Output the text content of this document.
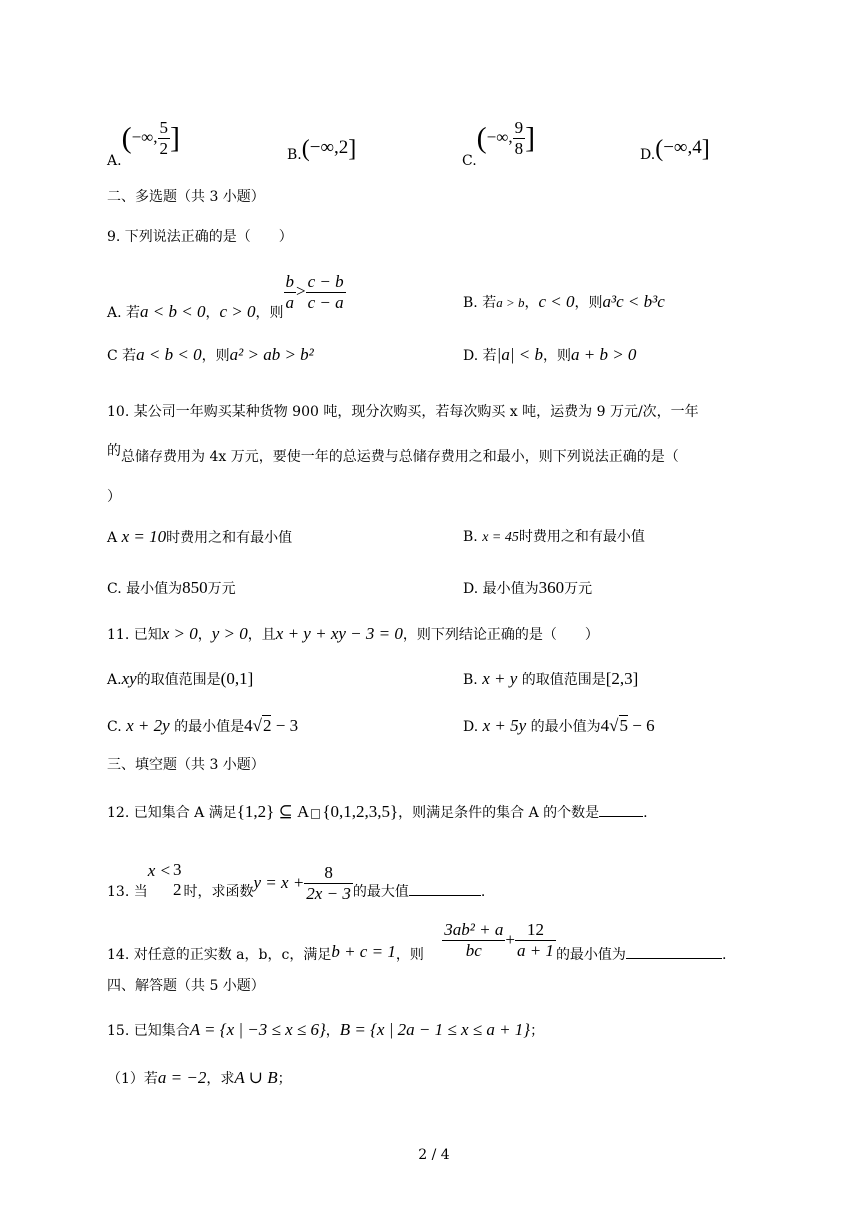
A.(−∞, $\frac{5}{2}$ ]
B.(−∞,2]	C.(−∞, $\frac{9}{8}$ ]
D.(−∞,4]
二、多选题（共 3 小题）
9. 下列说法正确的是（　　）
A. 若a < b < 0，c > 0，则 $\frac{b}{a} > \frac{c - b}{c - a}$	B. 若a > b，c < 0，则a³c < b³c
C 若a < b < 0，则a² > ab > b²	D. 若|a| < b，则a + b > 0
10. 某公司一年购买某种货物 900 吨，现分次购买，若每次购买 x 吨，运费为 9 万元/次，一年
的总储存费用为 4x 万元，要使一年的总运费与总储存费用之和最小，则下列说法正确的是（
）
A x = 10时费用之和有最小值	B. x = 45时费用之和有最小值
C. 最小值为850万元	D. 最小值为360万元
11. 已知x > 0，y > 0，且x + y + xy − 3 = 0，则下列结论正确的是（　　）
A.xy的取值范围是(0,1]	B. x + y 的取值范围是[2,3]
C. x + 2y 的最小值是4√2 − 3	D. x + 5y 的最小值为4√5 − 6
三、填空题（共 3 小题）
12. 已知集合 A 满足{1,2} ⊆ A {0,1,2,3,5}，则满足条件的集合 A 的个数是	.
13. 当x < 3
2 时，求函数$y = x + \frac{8}{2x - 3}$ 的最大值	.
14. 对任意的正实数 a，b，c，满足b + c = 1，则 $\frac{\text{3ab² + a}}{bc} + \frac{12}{a + 1}$ 的最小值为	.
四、解答题（共 5 小题）
15. 已知集合A = {x | −3 ≤ x ≤ 6}，B = {x | 2a − 1 ≤ x ≤ a + 1}；
（1）若a = −2，求A ∪ B；
2 / 4
